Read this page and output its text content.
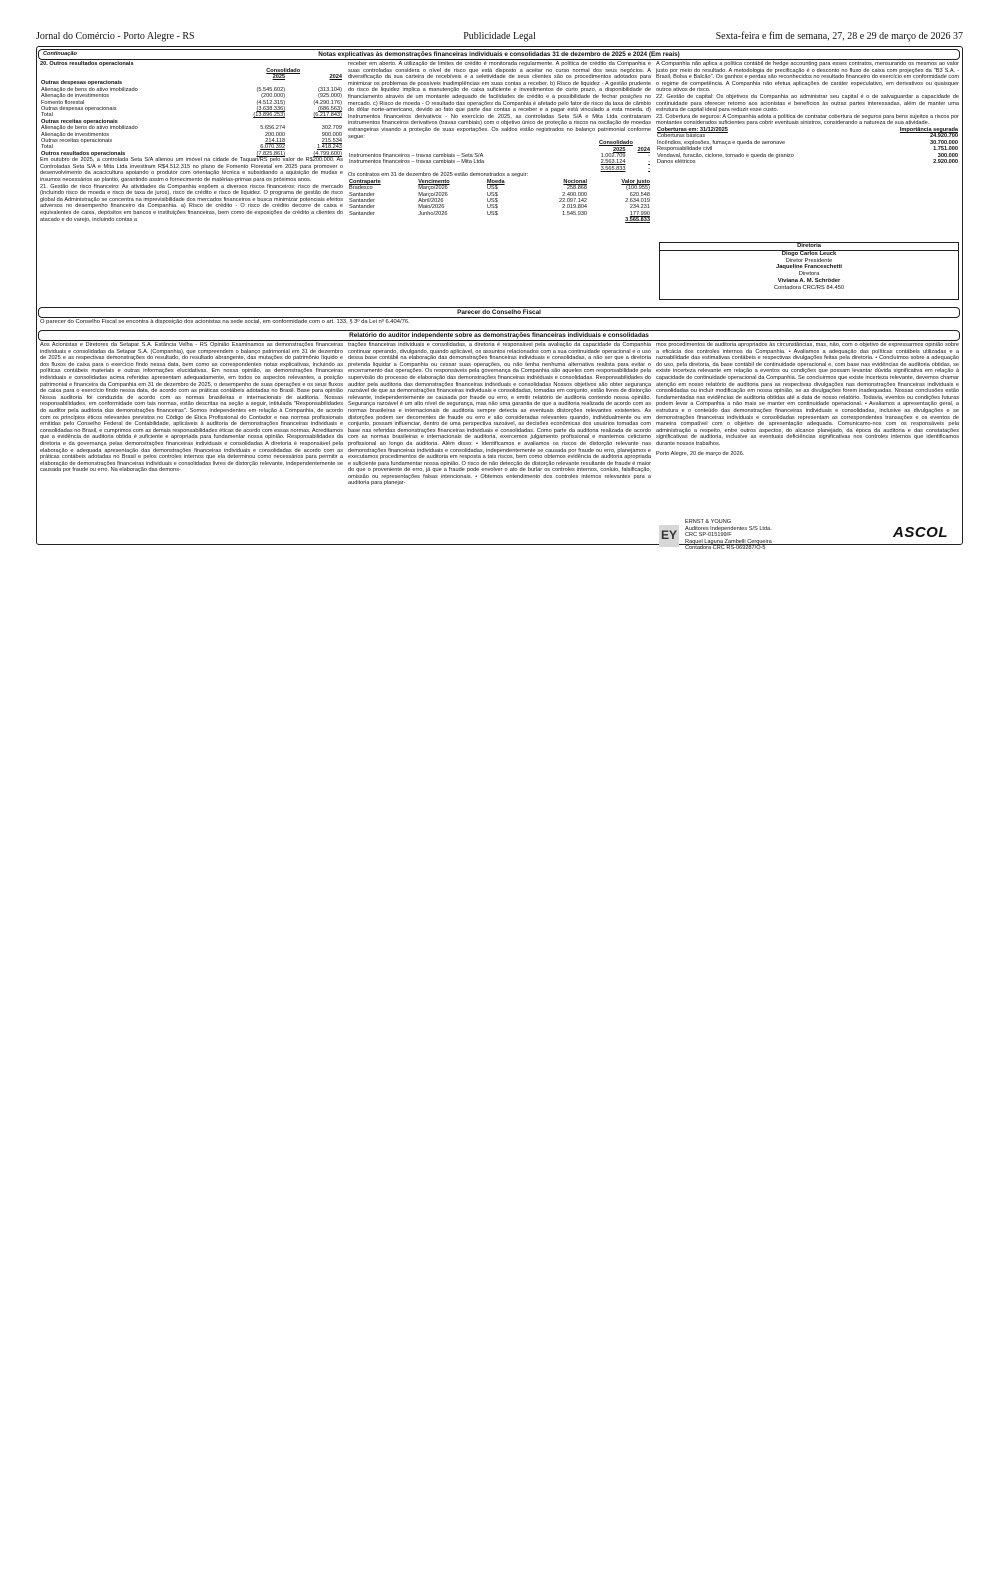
Jornal do Comércio - Porto Alegre - RS	Publicidade Legal	Sexta-feira e fim de semana, 27, 28 e 29 de março de 2026 37
Continuação	Notas explicativas às demonstrações financeiras individuais e consolidadas 31 de dezembro de 2025 e 2024 (Em reais)

20. Outros resultados operacionais

	Consolidado	
	2025	2024
Outras despesas operacionais		
Alienação de bens do ativo imobilizado	(5.545.602)	(313.104)
Alienação de investimentos	(200.000)	(925.000)
Fomento florestal	(4.512.315)	(4.290.176)
Outras despesas operacionais	(3.638.336)	(686.563)
Total	(13.896.253)	(6.217.843)
Outras receitas operacionais		
Alienação de bens do ativo imobilizado	5.656.274	302.709
Alienação de investimentos	200.000	900.000
Outras receitas operacionais	214.118	215.534
Total	6.070.392	1.418.243
Outros resultados operacionais	(7.825.861)	(4.799.600)

Em outubro de 2025, a controlada Seta S/A alienou um imóvel na cidade de Taquari/RS pelo valor de R$200.000. As Controladas Seta S/A e Mita Ltda investiram R$4.512.315 no plano de Fomento Florestal em 2025 para promover o desenvolvimento da acacicultura apoiando o produtor com orientação técnica e subsidiando a aquisição de mudas e insumos necessários ao plantio, garantindo assim o fornecimento de matérias-primas para os próximos anos.

21. Gestão de risco financeiro: As atividades da Companhia expõem a diversos riscos financeiros: risco de mercado (incluindo risco de moeda e risco de taxa de juros), risco de crédito e risco de liquidez. O programa de gestão de risco global da Administração se concentra na imprevisibilidade dos mercados financeiros e busca minimizar potenciais efeitos adversos no desempenho financeiro da Companhia. a) Risco de crédito - O risco de crédito decorre de caixa e equivalentes de caixa, depósitos em bancos e instituições financeiras, bem como de exposições de crédito a clientes do atacado e do varejo, incluindo contas a

receber em aberto. A utilização de limites de crédito é monitorada regularmente. A política de crédito da Companhia e suas controladas considera o nível de risco que está disposto a aceitar no curso normal dos seus negócios. A diversificação da sua carteira de recebíveis e a seletividade de seus clientes são os procedimentos adotados para minimizar os problemas de possíveis inadimplências em suas contas a receber. b) Risco de liquidez - A gestão prudente do risco de liquidez implica a manutenção de caixa suficiente e investimentos de curto prazo, a disponibilidade de financiamento através de um montante adequado de facilidades de crédito e a possibilidade de fechar posições no mercado. c) Risco de moeda - O resultado das operações da Companhia é afetado pelo fator de risco da taxa de câmbio do dólar norte-americano, devido ao fato que parte das contas a receber e a pagar está vinculado a esta moeda. d) Instrumentos financeiros derivativos - No exercício de 2025, as controladas Seta S/A e Mita Ltda contrataram instrumentos financeiros derivativos (travas cambiais) com o objetivo único de proteção a riscos na oscilação de moedas estrangeiras visando a proteção de suas exportações. Os saldos estão registrados no balanço patrimonial conforme segue:

	Consolidado	
	2025	2024
Instrumentos financeiros – travas cambiais – Seta S/A	1.002.709	-
Instrumentos financeiros – travas cambiais – Mita Ltda	2.563.124	-
	3.565.833	-

Os contratos em 31 de dezembro de 2025 estão demonstrados a seguir:

Contraparte	Vencimento	Moeda	Nocional	Valor justo
Bradesco	Março/2026	US$	258.868	(100.955)
Santander	Março/2026	US$	2.400.000	620.548
Santander	Abril/2026	US$	22.097.142	2.634.019
Santander	Maio/2026	US$	2.019.804	234.231
Santander	Junho/2026	US$	1.545.930	177.990
				3.565.833

A Companhia não aplica a política contábil de hedge accounting para esses contratos, mensurando os mesmos ao valor justo por meio do resultado. A metodologia de precificação é o desconto no fluxo de caixa com projeções da "B3 S.A. - Brasil, Bolsa e Balcão". Os ganhos e perdas são reconhecidos no resultado financeiro do exercício em conformidade com o regime de competência. A Companhia não efetua aplicações de caráter especulativo, em derivativos ou quaisquer outros ativos de risco.

22. Gestão de capital: Os objetivos da Companhia ao administrar seu capital é o de salvaguardar a capacidade de continuidade para oferecer retorno aos acionistas e benefícios às outras partes interessadas, além de manter uma estrutura de capital ideal para reduzir esse custo.

23. Cobertura de seguros: A Companhia adota a política de contratar cobertura de seguros para bens sujeitos a riscos por montantes considerados suficientes para cobrir eventuais sinistros, considerando a natureza de sua atividade.

Coberturas em: 31/12/2025	Importância segurada
Coberturas básicas	24.920.700
Incêndios, explosões, fumaça e queda de aeronave	30.700.000
Responsabilidade civil	1.751.000
Vendaval, furacão, ciclone, tornado e queda de granizo	300.000
Danos elétricos	2.920.000
Diretoria
Diogo Carlos Leuck
Diretor Presidente
Jaqueline Franceschetti
Diretora
Viviana A. M. Schröder
Contadora CRC/RS 84.450
Parecer do Conselho Fiscal
O parecer do Conselho Fiscal se encontra à disposição dos acionistas na sede social, em conformidade com o art. 133, § 3º da Lei nº 6.404/76.
Relatório do auditor independente sobre as demonstrações financeiras individuais e consolidadas

Aos Acionistas e Diretores da Setapar S.A. Estância Velha - RS Opinião Examinamos as demonstrações financeiras individuais e consolidadas da Setapar S.A. (Companhia), que compreendem o balanço patrimonial em 31 de dezembro de 2025 e as respectivas demonstrações do resultado, do resultado abrangente, das mutações do patrimônio líquido e dos fluxos de caixa para o exercício findo nessa data, bem como as correspondentes notas explicativas, incluindo as políticas contábeis materiais e outras informações elucidativas. Em nossa opinião, as demonstrações financeiras individuais e consolidadas acima referidas apresentam adequadamente, em todos os aspectos relevantes, a posição patrimonial e financeira da Companhia em 31 de dezembro de 2025, o desempenho de suas operações e os seus fluxos de caixa para o exercício findo nessa data, de acordo com as práticas contábeis adotadas no Brasil. Base para opinião Nossa auditoria foi conduzida de acordo com as normas brasileiras e internacionais de auditoria. Nossas responsabilidades, em conformidade com tais normas, estão descritas na seção a seguir, intitulada "Responsabilidades do auditor pela auditoria das demonstrações financeiras". Somos independentes em relação à Companhia, de acordo com os princípios éticos relevantes previstos no Código de Ética Profissional do Contador e nas normas profissionais emitidas pelo Conselho Federal de Contabilidade, aplicáveis à auditoria de demonstrações financeiras individuais e consolidadas no Brasil, e cumprimos com as demais responsabilidades éticas de acordo com essas normas. Acreditamos que a evidência de auditoria obtida é suficiente e apropriada para fundamentar nossa opinião. Responsabilidades da diretoria e da governança pelas demonstrações financeiras individuais e consolidadas A diretoria é responsável pela elaboração e adequada apresentação das demonstrações financeiras individuais e consolidadas de acordo com as práticas contábeis adotadas no Brasil e pelos controles internos que ela determinou como necessários para permitir a elaboração de demonstrações financeiras individuais e consolidadas livres de distorção relevante, independentemente se causada por fraude ou erro. Na elaboração das demons-

trações financeiras individuais e consolidadas, a diretoria é responsável pela avaliação da capacidade da Companhia continuar operando, divulgando, quando aplicável, os assuntos relacionados com a sua continuidade operacional e o uso dessa base contábil na elaboração das demonstrações financeiras individuais e consolidadas, a não ser que a diretoria pretenda liquidar a Companhia ou cessar suas operações, ou não tenha nenhuma alternativa realista para evitar o encerramento das operações. Os responsáveis pela governança da Companhia são aqueles com responsabilidade pela supervisão do processo de elaboração das demonstrações financeiras individuais e consolidadas. Responsabilidades do auditor pela auditoria das demonstrações financeiras individuais e consolidadas Nossos objetivos são obter segurança razoável de que as demonstrações financeiras individuais e consolidadas, tomadas em conjunto, estão livres de distorção relevante, independentemente se causada por fraude ou erro, e emitir relatório de auditoria contendo nossa opinião. Segurança razoável é um alto nível de segurança, mas não uma garantia de que a auditoria realizada de acordo com as normas brasileiras e internacionais de auditoria sempre detecta as eventuais distorções relevantes existentes. As distorções podem ser decorrentes de fraude ou erro e são consideradas relevantes quando, individualmente ou em conjunto, possam influenciar, dentro de uma perspectiva razoável, as decisões econômicas dos usuários tomadas com base nas referidas demonstrações financeiras individuais e consolidadas. Como parte da auditoria realizada de acordo com as normas brasileiras e internacionais de auditoria, exercemos julgamento profissional e mantemos ceticismo profissional ao longo da auditoria. Além disso: • Identificamos e avaliamos os riscos de distorção relevante nas demonstrações financeiras individuais e consolidadas, independentemente se causada por fraude ou erro, planejamos e executamos procedimentos de auditoria em resposta a tais riscos, bem como obtemos evidência de auditoria apropriada e suficiente para fundamentar nossa opinião. O risco de não detecção de distorção relevante resultante de fraude é maior do que o proveniente de erro, já que a fraude pode envolver o ato de burlar os controles internos, conluio, falsificação, omissão ou representações falsas intencionais. • Obtemos entendimento dos controles internos relevantes para a auditoria para planejar-

mos procedimentos de auditoria apropriados às circunstâncias, mas, não, com o objetivo de expressarmos opinião sobre a eficácia dos controles internos da Companhia. • Avaliamos a adequação das políticas contábeis utilizadas e a razoabilidade das estimativas contábeis e respectivas divulgações feitas pela diretoria. • Concluímos sobre a adequação do uso, pela diretoria, da base contábil de continuidade operacional e, com base nas evidências de auditoria obtidas, se existe incerteza relevante em relação a eventos ou condições que possam levantar dúvida significativa em relação à capacidade de continuidade operacional da Companhia. Se concluirmos que existe incerteza relevante, devemos chamar atenção em nosso relatório de auditoria para as respectivas divulgações nas demonstrações financeiras individuais e consolidadas ou incluir modificação em nossa opinião, se as divulgações forem inadequadas. Nossas conclusões estão fundamentadas nas evidências de auditoria obtidas até a data de nosso relatório. Todavia, eventos ou condições futuras podem levar a Companhia a não mais se manter em continuidade operacional. • Avaliamos a apresentação geral, a estrutura e o conteúdo das demonstrações financeiras individuais e consolidadas, inclusive as divulgações e se demonstrações financeiras individuais e consolidadas representam as correspondentes transações e os eventos de maneira compatível com o objetivo de apresentação adequada. Comunicamo-nos com os responsáveis pela administração a respeito, entre outros aspectos, do alcance planejado, da época da auditoria e das constatações significativas de auditoria, inclusive as eventuais deficiências significativas nos controles internos que identificamos durante nossos trabalhos.

Porto Alegre, 20 de março de 2026.

EY
ERNST & YOUNG
Auditores Independentes S/S Ltda.
CRC SP-015199/F
Raquel Laguna Zambelli Cerqueira
Contadora CRC RS-069287/O-5
ASCOL
